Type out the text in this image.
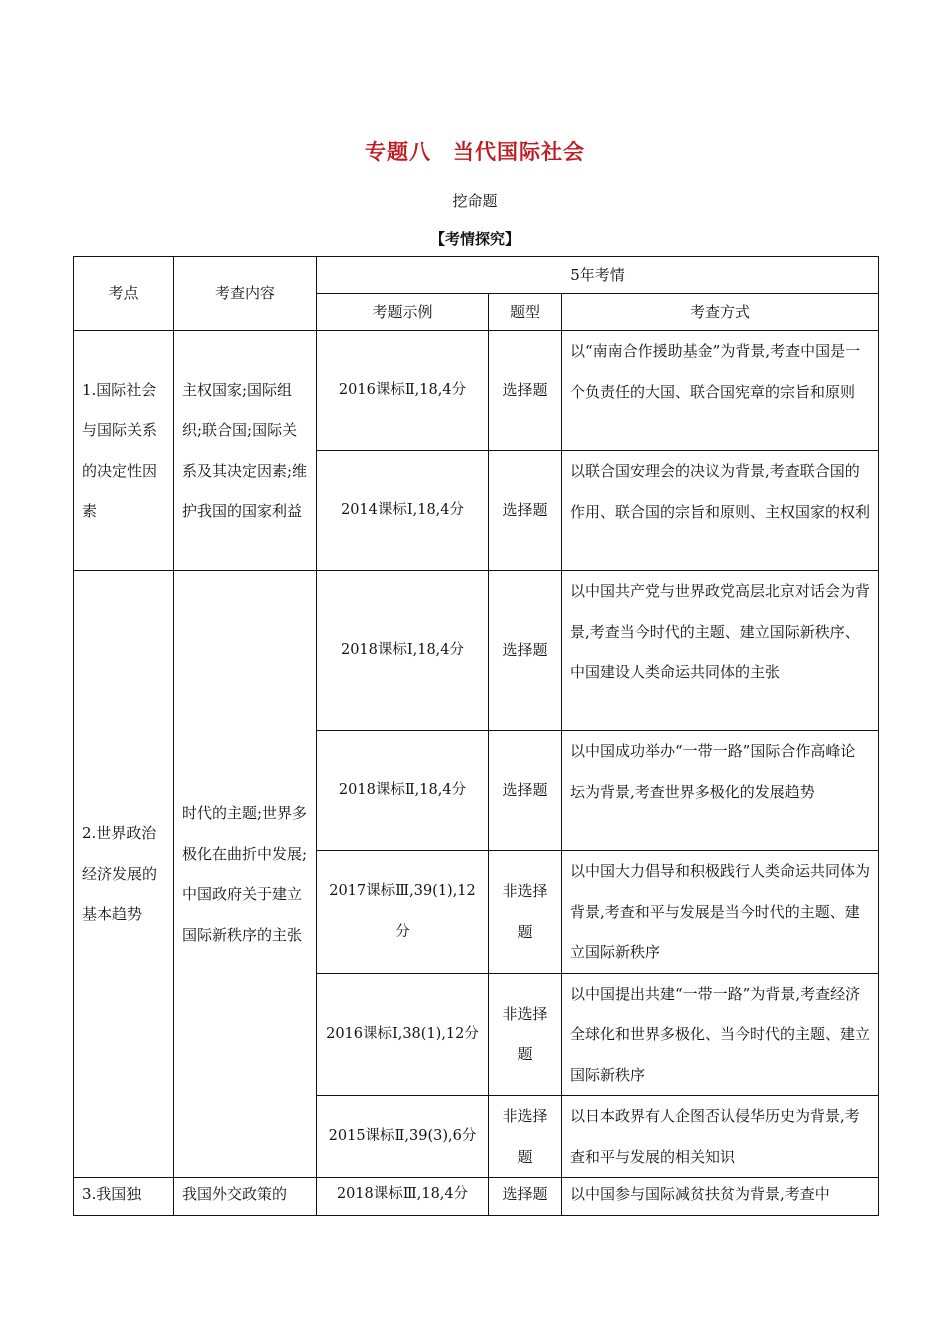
专题八　当代国际社会
挖命题
【考情探究】
考点	考查内容	5年考情		
		考题示例	题型	考查方式
1.国际社会与国际关系的决定性因素	主权国家;国际组织;联合国;国际关系及其决定因素;维护我国的国家利益	2016课标Ⅱ,18,4分	选择题	以“南南合作援助基金”为背景,考查中国是一个负责任的大国、联合国宪章的宗旨和原则
		2014课标Ⅰ,18,4分	选择题	以联合国安理会的决议为背景,考查联合国的作用、联合国的宗旨和原则、主权国家的权利
2.世界政治经济发展的基本趋势	时代的主题;世界多极化在曲折中发展;中国政府关于建立国际新秩序的主张	2018课标Ⅰ,18,4分	选择题	以中国共产党与世界政党高层北京对话会为背景,考查当今时代的主题、建立国际新秩序、中国建设人类命运共同体的主张
		2018课标Ⅱ,18,4分	选择题	以中国成功举办“一带一路”国际合作高峰论坛为背景,考查世界多极化的发展趋势
		2017课标Ⅲ,39(1),12分	非选择题	以中国大力倡导和积极践行人类命运共同体为背景,考查和平与发展是当今时代的主题、建立国际新秩序
		2016课标Ⅰ,38(1),12分	非选择题	以中国提出共建“一带一路”为背景,考查经济全球化和世界多极化、当今时代的主题、建立国际新秩序
		2015课标Ⅱ,39(3),6分	非选择题	以日本政界有人企图否认侵华历史为背景,考查和平与发展的相关知识
3.我国独	我国外交政策的	2018课标Ⅲ,18,4分	选择题	以中国参与国际减贫扶贫为背景,考查中
